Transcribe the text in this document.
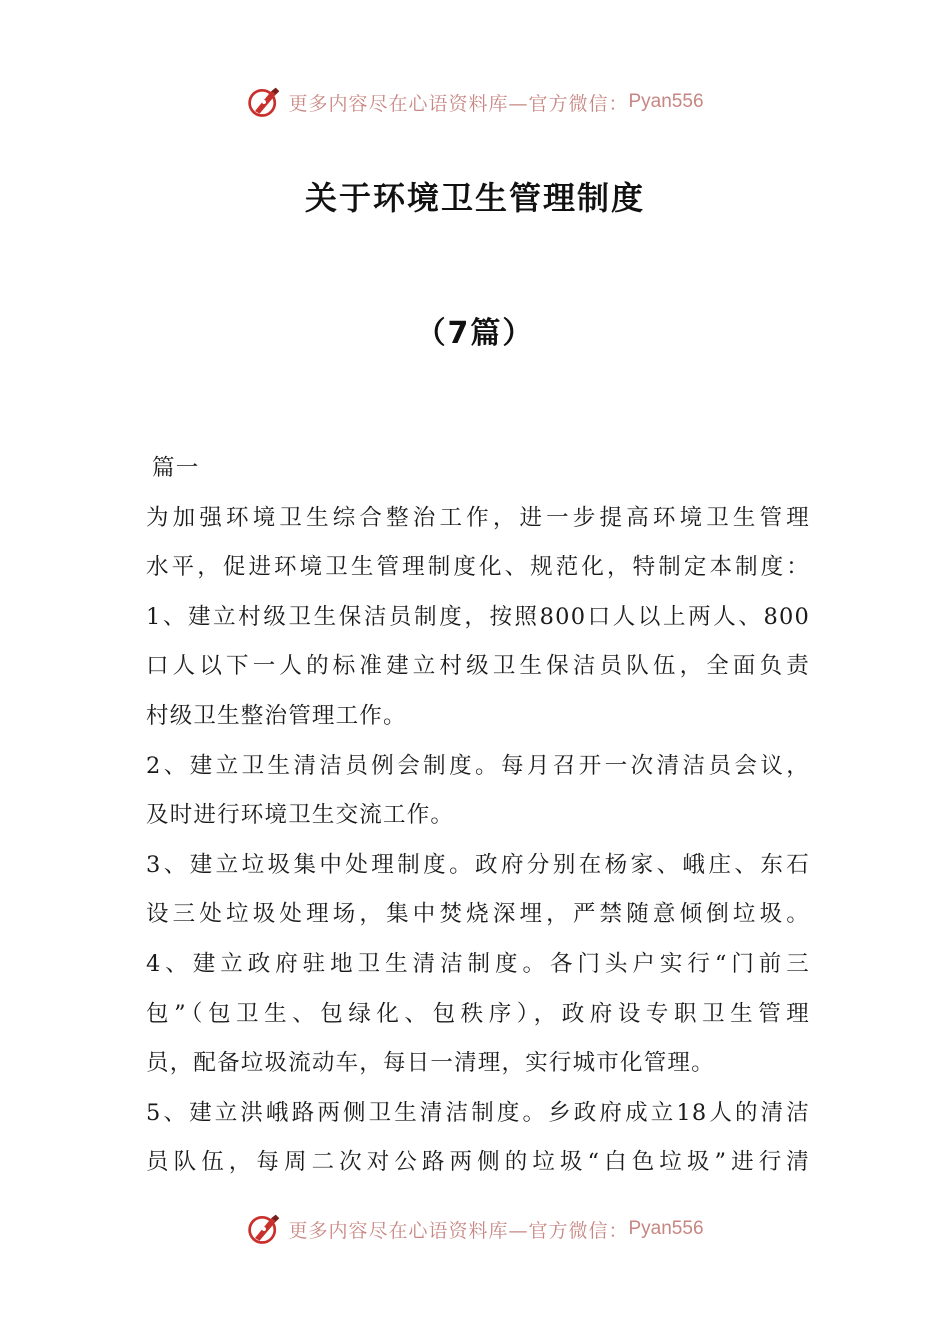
更多内容尽在心语资料库—官方微信： Pyan556
关于环境卫生管理制度
（7篇）
篇一
为加强环境卫生综合整治工作，进一步提高环境卫生管理
水平，促进环境卫生管理制度化、规范化，特制定本制度：
1、建立村级卫生保洁员制度，按照800口人以上两人、800
口人以下一人的标准建立村级卫生保洁员队伍，全面负责
村级卫生整治管理工作。
2、建立卫生清洁员例会制度。每月召开一次清洁员会议，
及时进行环境卫生交流工作。
3、建立垃圾集中处理制度。政府分别在杨家、峨庄、东石
设三处垃圾处理场，集中焚烧深埋，严禁随意倾倒垃圾。
4、建立政府驻地卫生清洁制度。各门头户实行“门前三
包”（包卫生、包绿化、包秩序），政府设专职卫生管理
员，配备垃圾流动车，每日一清理，实行城市化管理。
5、建立洪峨路两侧卫生清洁制度。乡政府成立18人的清洁
员队伍，每周二次对公路两侧的垃圾“白色垃圾”进行清
更多内容尽在心语资料库—官方微信： Pyan556
